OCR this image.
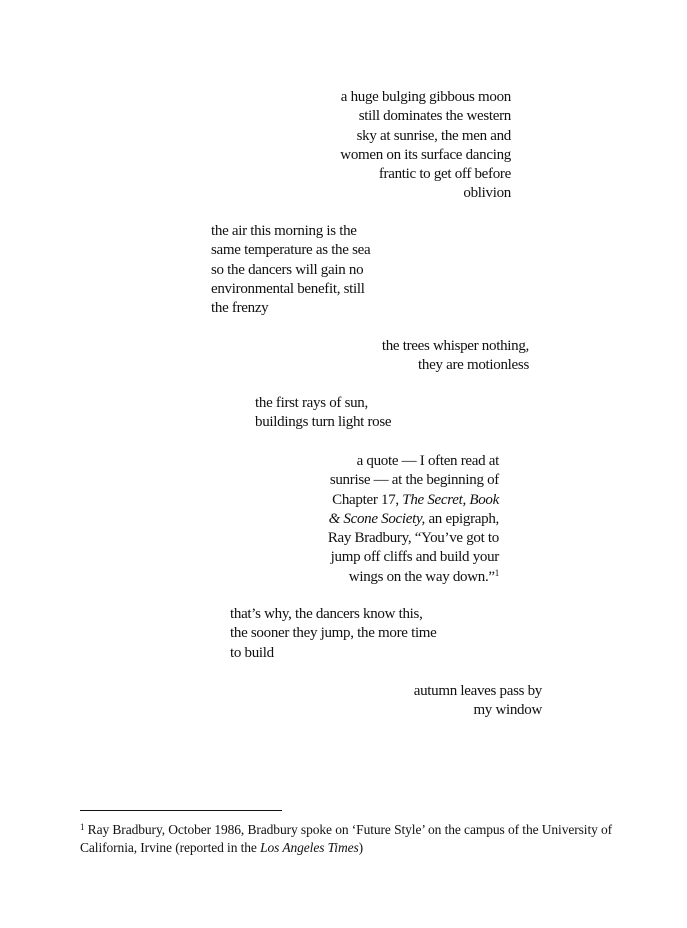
a huge bulging gibbous moon
still dominates the western
sky at sunrise, the men and
women on its surface dancing
frantic to get off before
oblivion
the air this morning is the
same temperature as the sea
so the dancers will gain no
environmental benefit, still
the frenzy
the trees whisper nothing,
they are motionless
the first rays of sun,
buildings turn light rose
a quote — I often read at
sunrise — at the beginning of
Chapter 17, The Secret, Book
& Scone Society, an epigraph,
Ray Bradbury, “You’ve got to
jump off cliffs and build your
wings on the way down.”$^1$
that’s why, the dancers know this,
the sooner they jump, the more time
to build
autumn leaves pass by
my window
$^1$ Ray Bradbury, October 1986, Bradbury spoke on ‘Future Style’ on the campus of the University of California, Irvine (reported in the Los Angeles Times)
